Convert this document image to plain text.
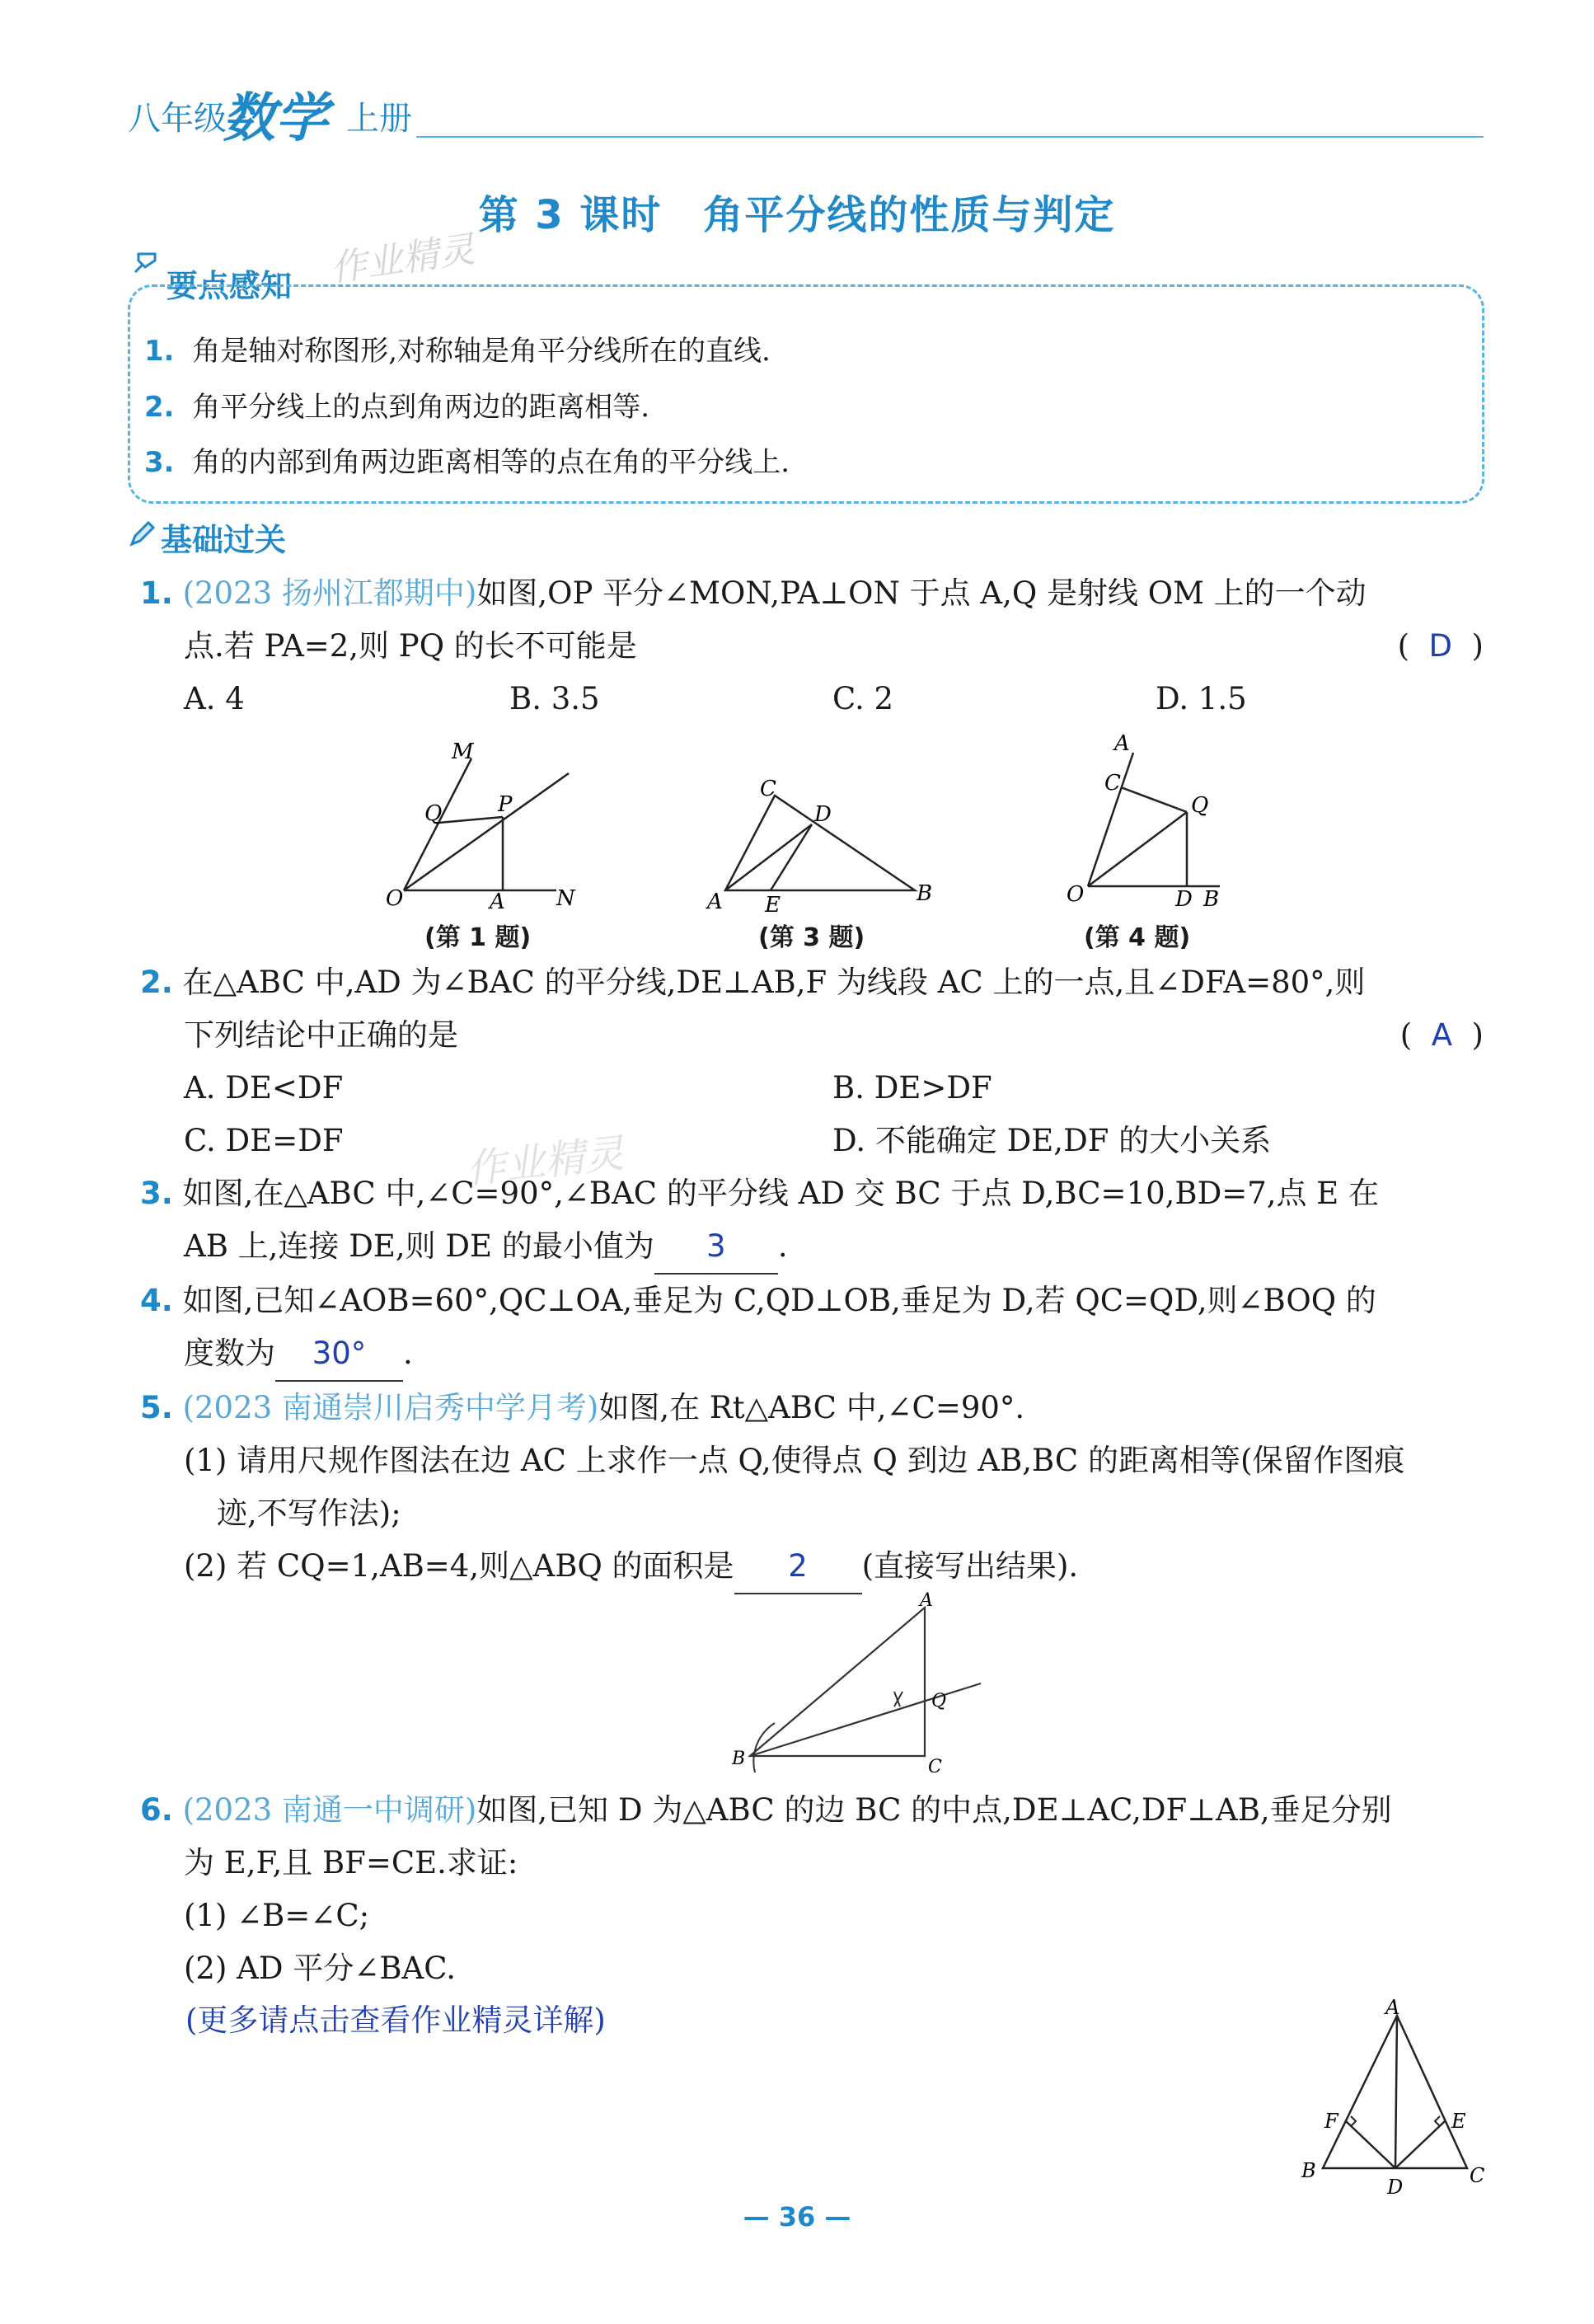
八年级
数学 上册
第 3 课时　角平分线的性质与判定
作业精灵
要点感知
1. 角是轴对称图形,对称轴是角平分线所在的直线.
2. 角平分线上的点到角两边的距离相等.
3. 角的内部到角两边距离相等的点在角的平分线上.
基础过关
1. (2023 扬州江都期中)如图,OP 平分∠MON,PA⊥ON 于点 A,Q 是射线 OM 上的一个动
点.若 PA=2,则 PQ 的长不可能是	(  D  )
A. 4	B. 3.5	C. 2	D. 1.5
M
Q	P
O	A N
C
D
A E	B
A
C
Q
O	D B
(第 1 题)	(第 3 题)	(第 4 题)
2. 在△ABC 中,AD 为∠BAC 的平分线,DE⊥AB,F 为线段 AC 上的一点,且∠DFA=80°,则
下列结论中正确的是	(  A  )
A. DE<DF	B. DE>DF
C. DE=DF	D. 不能确定 DE,DF 的大小关系
作业精灵
3. 如图,在△ABC 中,∠C=90°,∠BAC 的平分线 AD 交 BC 于点 D,BC=10,BD=7,点 E 在
AB 上,连接 DE,则 DE 的最小值为 3 .
4. 如图,已知∠AOB=60°,QC⊥OA,垂足为 C,QD⊥OB,垂足为 D,若 QC=QD,则∠BOQ 的
度数为 30° .
5. (2023 南通崇川启秀中学月考)如图,在 Rt△ABC 中,∠C=90°.
(1) 请用尺规作图法在边 AC 上求作一点 Q,使得点 Q 到边 AB,BC 的距离相等(保留作图痕
迹,不写作法);
(2) 若 CQ=1,AB=4,则△ABQ 的面积是 2 (直接写出结果).
A
Q
B	C
6. (2023 南通一中调研)如图,已知 D 为△ABC 的边 BC 的中点,DE⊥AC,DF⊥AB,垂足分别
为 E,F,且 BF=CE.求证:
(1) ∠B=∠C;
(2) AD 平分∠BAC.
(更多请点击查看作业精灵详解)	A
F	E
B
D	C
— 36 —
